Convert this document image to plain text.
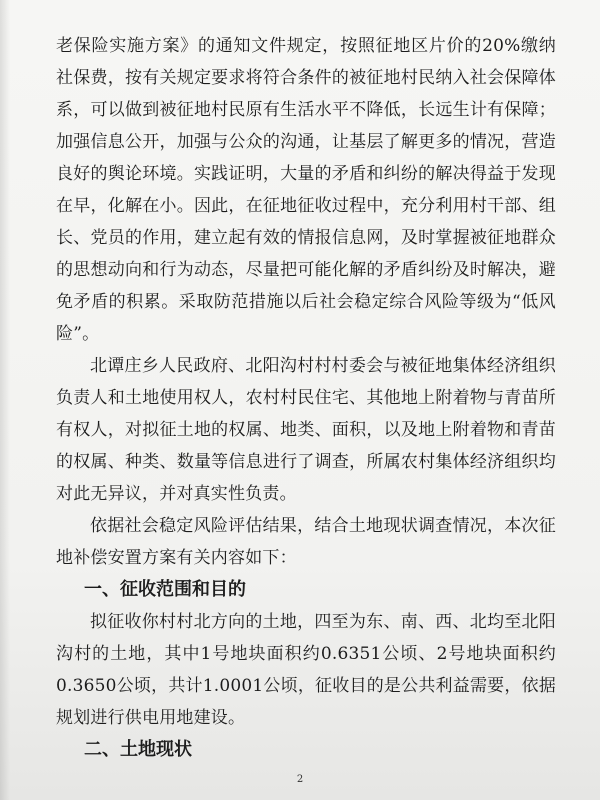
老保险实施方案》的通知文件规定，按照征地区片价的20%缴纳社保费，按有关规定要求将符合条件的被征地村民纳入社会保障体系，可以做到被征地村民原有生活水平不降低，长远生计有保障；加强信息公开，加强与公众的沟通，让基层了解更多的情况，营造良好的舆论环境。实践证明，大量的矛盾和纠纷的解决得益于发现在早，化解在小。因此，在征地征收过程中，充分利用村干部、组长、党员的作用，建立起有效的情报信息网，及时掌握被征地群众的思想动向和行为动态，尽量把可能化解的矛盾纠纷及时解决，避免矛盾的积累。采取防范措施以后社会稳定综合风险等级为“低风险”。

北谭庄乡人民政府、北阳沟村村村委会与被征地集体经济组织负责人和土地使用权人，农村村民住宅、其他地上附着物与青苗所有权人，对拟征土地的权属、地类、面积，以及地上附着物和青苗的权属、种类、数量等信息进行了调查，所属农村集体经济组织均对此无异议，并对真实性负责。

依据社会稳定风险评估结果，结合土地现状调查情况，本次征地补偿安置方案有关内容如下：

一、征收范围和目的

拟征收你村村北方向的土地，四至为东、南、西、北均至北阳沟村的土地，其中1号地块面积约0.6351公顷、2号地块面积约0.3650公顷，共计1.0001公顷，征收目的是公共利益需要，依据规划进行供电用地建设。

二、土地现状

2
